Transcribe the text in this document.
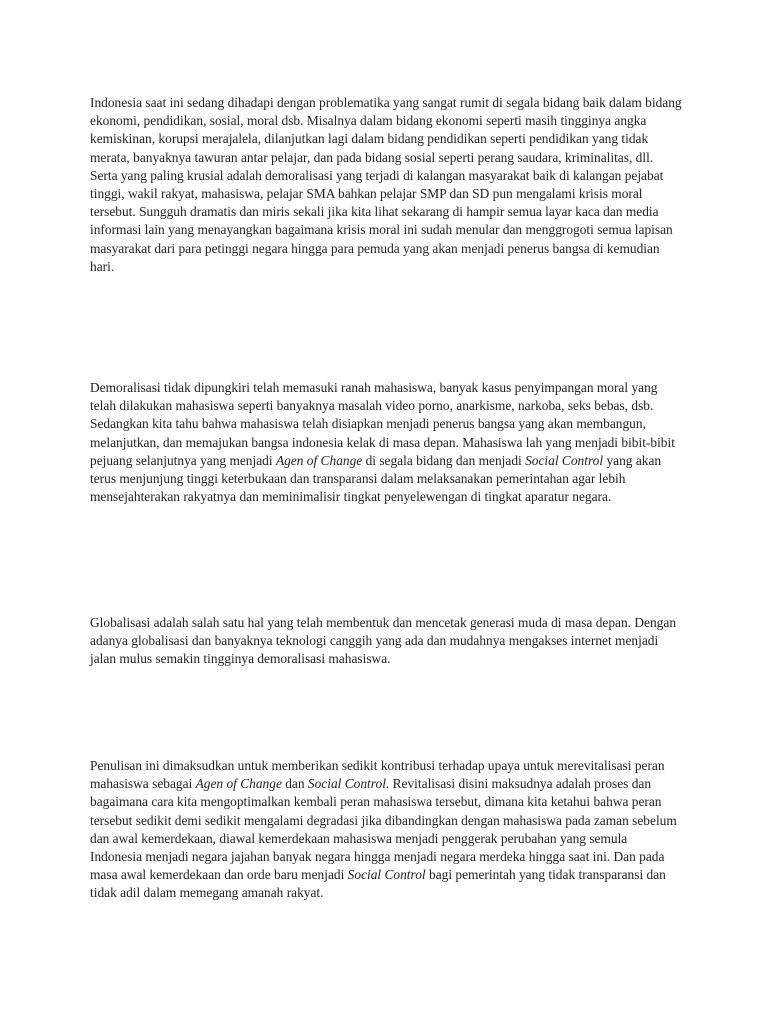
Indonesia saat ini sedang dihadapi dengan problematika yang sangat rumit di segala bidang baik dalam bidang ekonomi, pendidikan, sosial, moral dsb. Misalnya dalam bidang ekonomi seperti masih tingginya angka kemiskinan, korupsi merajalela, dilanjutkan lagi dalam bidang pendidikan seperti pendidikan yang tidak merata, banyaknya tawuran antar pelajar, dan pada bidang sosial seperti perang saudara, kriminalitas, dll. Serta yang paling krusial adalah demoralisasi yang terjadi di kalangan masyarakat baik di kalangan pejabat tinggi, wakil rakyat, mahasiswa, pelajar SMA bahkan pelajar SMP dan SD pun mengalami krisis moral tersebut. Sungguh dramatis dan miris sekali jika kita lihat sekarang di hampir semua layar kaca dan media informasi lain yang menayangkan bagaimana krisis moral ini sudah menular dan menggrogoti semua lapisan masyarakat dari para petinggi negara hingga para pemuda yang akan menjadi penerus bangsa di kemudian hari.

Demoralisasi tidak dipungkiri telah memasuki ranah mahasiswa, banyak kasus penyimpangan moral yang telah dilakukan mahasiswa seperti banyaknya masalah video porno, anarkisme, narkoba, seks bebas, dsb. Sedangkan kita tahu bahwa mahasiswa telah disiapkan menjadi penerus bangsa yang akan membangun, melanjutkan, dan memajukan bangsa indonesia kelak di masa depan. Mahasiswa lah yang menjadi bibit-bibit pejuang selanjutnya yang menjadi Agen of Change di segala bidang dan menjadi Social Control yang akan terus menjunjung tinggi keterbukaan dan transparansi dalam melaksanakan pemerintahan agar lebih mensejahterakan rakyatnya dan meminimalisir tingkat penyelewengan di tingkat aparatur negara.

Globalisasi adalah salah satu hal yang telah membentuk dan mencetak generasi muda di masa depan. Dengan adanya globalisasi dan banyaknya teknologi canggih yang ada dan mudahnya mengakses internet menjadi jalan mulus semakin tingginya demoralisasi mahasiswa.

Penulisan ini dimaksudkan untuk memberikan sedikit kontribusi terhadap upaya untuk merevitalisasi peran mahasiswa sebagai Agen of Change dan Social Control. Revitalisasi disini maksudnya adalah proses dan bagaimana cara kita mengoptimalkan kembali peran mahasiswa tersebut, dimana kita ketahui bahwa peran tersebut sedikit demi sedikit mengalami degradasi jika dibandingkan dengan mahasiswa pada zaman sebelum dan awal kemerdekaan, diawal kemerdekaan mahasiswa menjadi penggerak perubahan yang semula Indonesia menjadi negara jajahan banyak negara hingga menjadi negara merdeka hingga saat ini. Dan pada masa awal kemerdekaan dan orde baru menjadi Social Control bagi pemerintah yang tidak transparansi dan tidak adil dalam memegang amanah rakyat.
